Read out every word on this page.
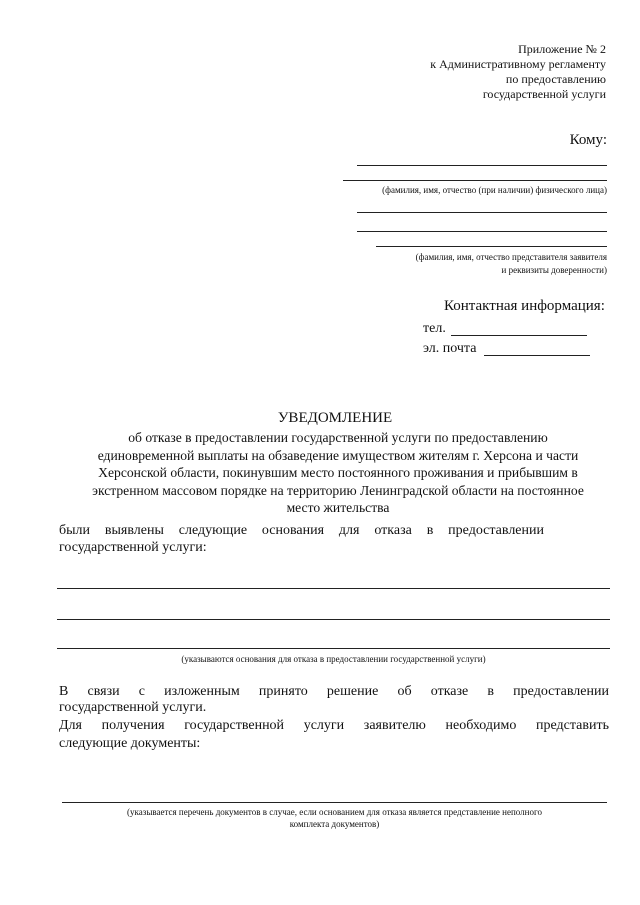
Приложение № 2
к Административному регламенту
по предоставлению
государственной услуги
Кому:
(фамилия, имя, отчество (при наличии) физического лица)
(фамилия, имя, отчество представителя заявителя
и реквизиты доверенности)
Контактная информация:
тел.
эл. почта
УВЕДОМЛЕНИЕ
об отказе в предоставлении государственной услуги по предоставлению
единовременной выплаты на обзаведение имуществом жителям г. Херсона и части
Херсонской области, покинувшим место постоянного проживания и прибывшим в
экстренном массовом порядке на территорию Ленинградской области на постоянное
место жительства
были выявлены следующие основания для отказа в предоставлении
государственной услуги:
(указываются основания для отказа в предоставлении государственной услуги)
В связи с изложенным принято решение об отказе в предоставлении
государственной услуги.
Для получения государственной услуги заявителю необходимо представить
следующие документы:
(указывается перечень документов в случае, если основанием для отказа является представление неполного
комплекта документов)
